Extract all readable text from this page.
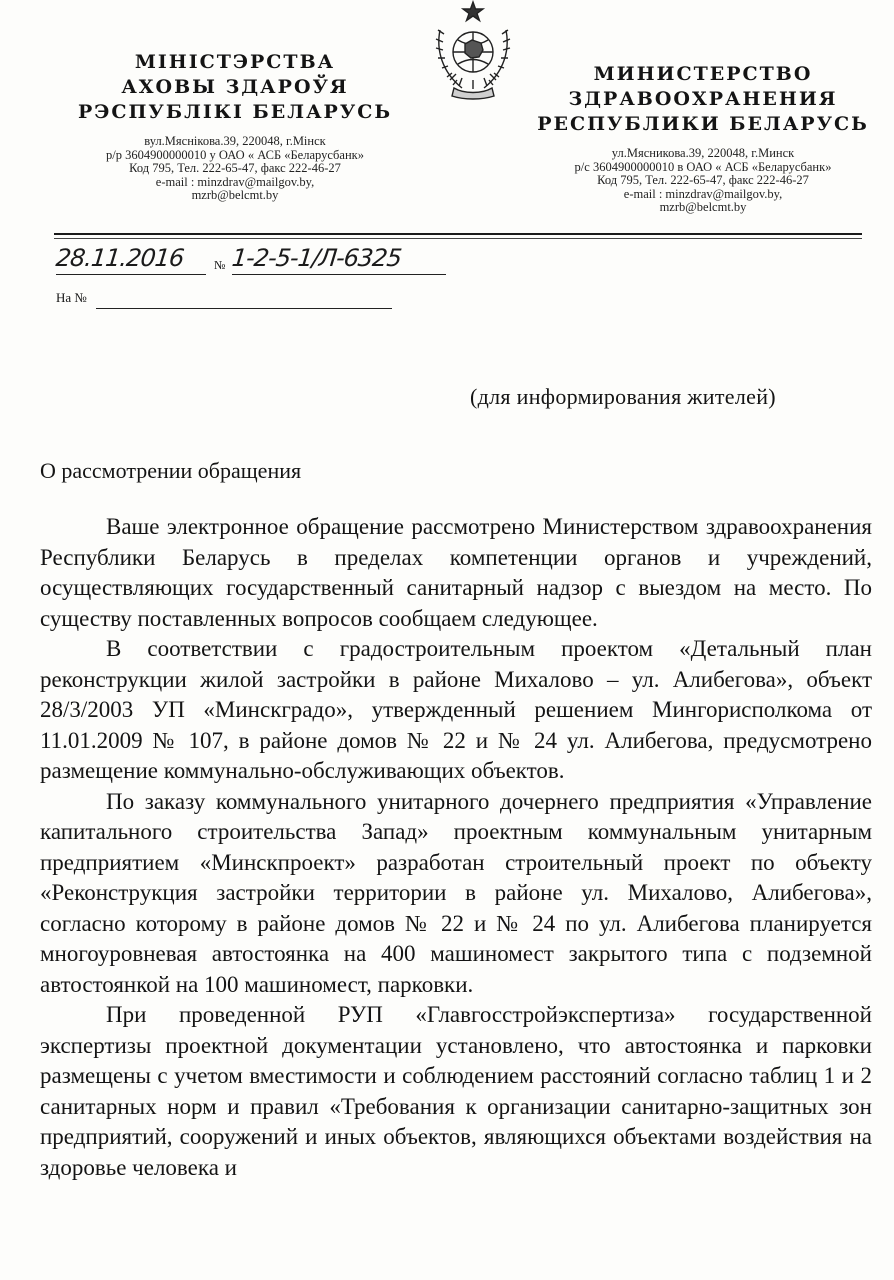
МІНІСТЭРСТВА

АХОВЫ ЗДАРОЎЯ

РЭСПУБЛІКІ БЕЛАРУСЬ

вул.Мяснікова.39, 220048, г.Мінск
р/р 3604900000010 у ОАО « АСБ «Беларусбанк»
Код 795, Тел. 222-65-47, факс 222-46-27
e-mail : minzdrav@mailgov.by,
mzrb@belcmt.by

МИНИСТЕРСТВО

ЗДРАВООХРАНЕНИЯ

РЕСПУБЛИКИ БЕЛАРУСЬ

ул.Мясникова.39, 220048, г.Минск
р/с 3604900000010 в ОАО « АСБ «Беларусбанк»
Код 795, Тел. 222-65-47, факс 222-46-27
e-mail : minzdrav@mailgov.by,
mzrb@belcmt.by
28.11.2016	№ 1-2-5-1/Л-6325
На №
(для информирования жителей)
О рассмотрении обращения

Ваше электронное обращение рассмотрено Министерством здравоохранения Республики Беларусь в пределах компетенции органов и учреждений, осуществляющих государственный санитарный надзор с выездом на место. По существу поставленных вопросов сообщаем следующее.

В соответствии с градостроительным проектом «Детальный план реконструкции жилой застройки в районе Михалово – ул. Алибегова», объект 28/3/2003 УП «Минскградо», утвержденный решением Мингорисполкома от 11.01.2009 № 107, в районе домов № 22 и № 24 ул. Алибегова, предусмотрено размещение коммунально-обслуживающих объектов.

По заказу коммунального унитарного дочернего предприятия «Управление капитального строительства Запад» проектным коммунальным унитарным предприятием «Минскпроект» разработан строительный проект по объекту «Реконструкция застройки территории в районе ул. Михалово, Алибегова», согласно которому в районе домов № 22 и № 24 по ул. Алибегова планируется многоуровневая автостоянка на 400 машиномест закрытого типа с подземной автостоянкой на 100 машиномест, парковки.

При проведенной РУП «Главгосстройэкспертиза» государственной экспертизы проектной документации установлено, что автостоянка и парковки размещены с учетом вместимости и соблюдением расстояний согласно таблиц 1 и 2 санитарных норм и правил «Требования к организации санитарно-защитных зон предприятий, сооружений и иных объектов, являющихся объектами воздействия на здоровье человека и
